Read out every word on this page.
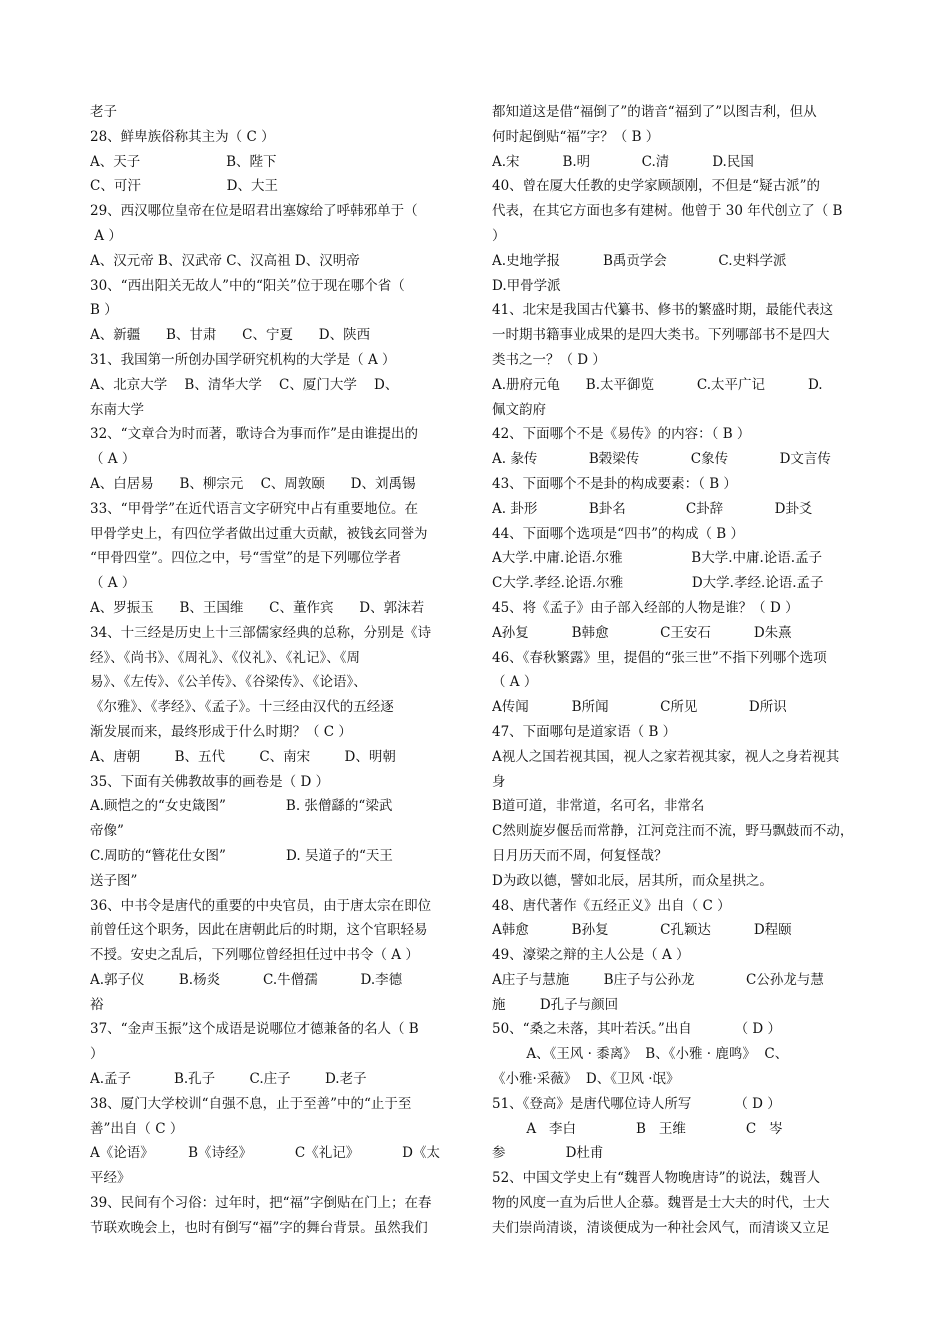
老子
28、鲜卑族俗称其主为（ C ）
A、天子                    B、陛下
C、可汗                    D、大王
29、西汉哪位皇帝在位是昭君出塞嫁给了呼韩邪单于（
A ）
A、汉元帝 B、汉武帝 C、汉高祖 D、汉明帝
30、“西出阳关无故人”中的“阳关”位于现在哪个省（
B ）
A、新疆      B、甘肃      C、宁夏      D、陕西
31、我国第一所创办国学研究机构的大学是（ A ）
A、北京大学    B、清华大学    C、厦门大学    D、
东南大学
32、“文章合为时而著，歌诗合为事而作”是由谁提出的
（ A ）
A、白居易      B、柳宗元    C、周敦颐      D、刘禹锡
33、“甲骨学”在近代语言文字研究中占有重要地位。在
甲骨学史上，有四位学者做出过重大贡献，被钱玄同誉为
“甲骨四堂”。四位之中，号“雪堂”的是下列哪位学者
（ A ）
A、罗振玉      B、王国维      C、董作宾      D、郭沫若
34、十三经是历史上十三部儒家经典的总称，分别是《诗
经》、《尚书》、《周礼》、《仪礼》、《礼记》、《周
易》、《左传》、《公羊传》、《谷梁传》、《论语》、
《尔雅》、《孝经》、《孟子》。十三经由汉代的五经逐
渐发展而来，最终形成于什么时期？（ C ）
A、唐朝        B、五代        C、南宋        D、明朝
35、下面有关佛教故事的画卷是（ D ）
A.顾恺之的“女史箴图”              B. 张僧繇的“梁武
帝像”
C.周昉的“簪花仕女图”              D. 吴道子的“天王
送子图”
36、中书令是唐代的重要的中央官员，由于唐太宗在即位
前曾任这个职务，因此在唐朝此后的时期，这个官职轻易
不授。安史之乱后，下列哪位曾经担任过中书令（ A ）
A.郭子仪        B.杨炎          C.牛僧孺          D.李德
裕
37、“金声玉振”这个成语是说哪位才德兼备的名人（ B
）
A.孟子          B.孔子        C.庄子        D.老子
38、厦门大学校训“自强不息，止于至善”中的“止于至
善”出自（ C ）
A《论语》        B《诗经》          C《礼记》          D《太
平经》
39、民间有个习俗：过年时，把“福”字倒贴在门上；在春
节联欢晚会上，也时有倒写“福”字的舞台背景。虽然我们
都知道这是借“福倒了”的谐音“福到了”以图吉利，但从
何时起倒贴“福”字？（ B ）
A.宋          B.明            C.清          D.民国
40、曾在厦大任教的史学家顾颉刚，不但是“疑古派”的
代表，在其它方面也多有建树。他曾于 30 年代创立了（ B
）
A.史地学报          B禹贡学会            C.史料学派
D.甲骨学派
41、北宋是我国古代纂书、修书的繁盛时期，最能代表这
一时期书籍事业成果的是四大类书。下列哪部书不是四大
类书之一？（ D ）
A.册府元龟      B.太平御览          C.太平广记          D.
佩文韵府
42、下面哪个不是《易传》的内容：（ B ）
A. 彖传            B榖梁传            C象传            D文言传
43、下面哪个不是卦的构成要素：（ B ）
A. 卦形            B卦名              C卦辞            D卦爻
44、下面哪个选项是“四书”的构成（ B ）
A大学.中庸.论语.尔雅                B大学.中庸.论语.孟子
C大学.孝经.论语.尔雅                D大学.孝经.论语.孟子
45、将《孟子》由子部入经部的人物是谁？（ D ）
A孙复          B韩愈            C王安石          D朱熹
46、《春秋繁露》里，提倡的“张三世”不指下列哪个选项
（ A ）
A传闻          B所闻            C所见            D所识
47、下面哪句是道家语（ B ）
A视人之国若视其国，视人之家若视其家，视人之身若视其
身
B道可道，非常道，名可名，非常名
C然则旋岁偃岳而常静，江河竞注而不流，野马飘鼓而不动，
日月历天而不周，何复怪哉？
D为政以德，譬如北辰，居其所，而众星拱之。
48、唐代著作《五经正义》出自（ C ）
A韩愈          B孙复            C孔颖达          D程颐
49、濠梁之辩的主人公是（ A ）
A庄子与慧施        B庄子与公孙龙            C公孙龙与慧
施        D孔子与颜回
50、“桑之未落，其叶若沃。”出自          （ D ）
A、《王风 · 黍离》  B、《小雅 · 鹿鸣》  C、
《小雅·采薇》  D、《卫风 ·氓》
51、《登高》是唐代哪位诗人所写          （ D ）
A   李白              B   王维              C   岑
参              D杜甫
52、中国文学史上有“魏晋人物晚唐诗”的说法，魏晋人
物的风度一直为后世人企慕。魏晋是士大夫的时代，士大
夫们崇尚清谈，清谈便成为一种社会风气，而清谈又立足
